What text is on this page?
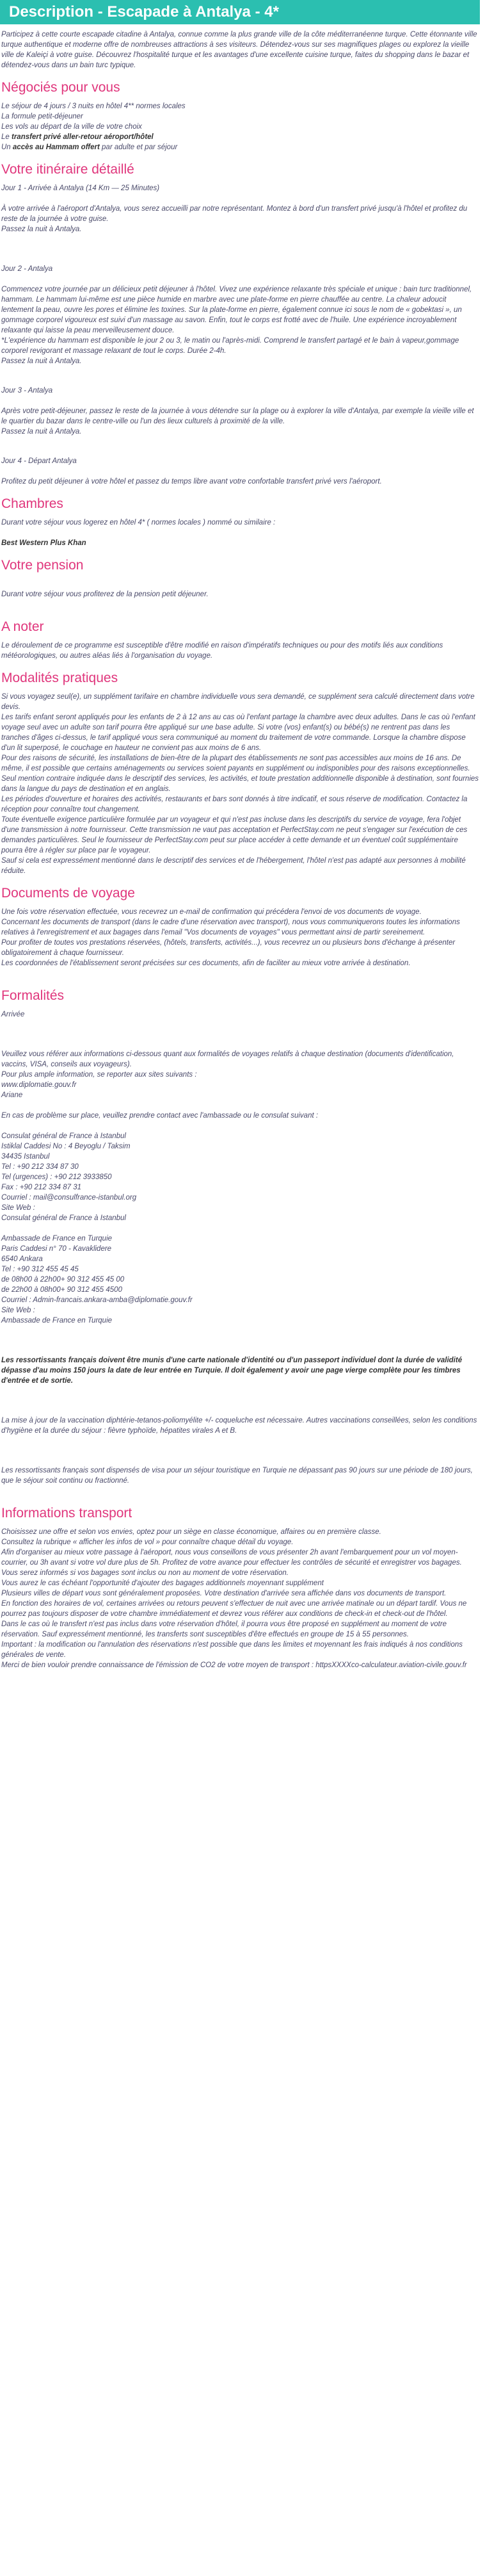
Description - Escapade à Antalya - 4*

Participez à cette courte escapade citadine à Antalya, connue comme la plus grande ville de la côte méditerranéenne turque. Cette étonnante ville turque authentique et moderne offre de nombreuses attractions à ses visiteurs. Détendez-vous sur ses magnifiques plages ou explorez la vieille ville de Kaleiçi à votre guise. Découvrez l'hospitalité turque et les avantages d'une excellente cuisine turque, faites du shopping dans le bazar et détendez-vous dans un bain turc typique.

Négociés pour vous

Le séjour de 4 jours / 3 nuits en hôtel 4** normes locales

La formule petit-déjeuner

Les vols au départ de la ville de votre choix

Le transfert privé aller-retour aéroport/hôtel

Un accès au Hammam offert par adulte et par séjour

Votre itinéraire détaillé

Jour 1 - Arrivée à Antalya (14 Km — 25 Minutes)

À votre arrivée à l'aéroport d'Antalya, vous serez accueilli par notre représentant. Montez à bord d'un transfert privé jusqu'à l'hôtel et profitez du reste de la journée à votre guise.

Passez la nuit à Antalya.

Jour 2 - Antalya

Commencez votre journée par un délicieux petit déjeuner à l'hôtel. Vivez une expérience relaxante très spéciale et unique : bain turc traditionnel, hammam. Le hammam lui-même est une pièce humide en marbre avec une plate-forme en pierre chauffée au centre. La chaleur adoucit lentement la peau, ouvre les pores et élimine les toxines. Sur la plate-forme en pierre, également connue ici sous le nom de « gobektasi », un gommage corporel vigoureux est suivi d'un massage au savon. Enfin, tout le corps est frotté avec de l'huile. Une expérience incroyablement relaxante qui laisse la peau merveilleusement douce.

*L'expérience du hammam est disponible le jour 2 ou 3, le matin ou l'après-midi. Comprend le transfert partagé et le bain à vapeur,gommage corporel revigorant et massage relaxant de tout le corps. Durée 2-4h.

Passez la nuit à Antalya.

Jour 3 - Antalya

Après votre petit-déjeuner, passez le reste de la journée à vous détendre sur la plage ou à explorer la ville d'Antalya, par exemple la vieille ville et le quartier du bazar dans le centre-ville ou l'un des lieux culturels à proximité de la ville.

Passez la nuit à Antalya.

Jour 4 - Départ Antalya

Profitez du petit déjeuner à votre hôtel et passez du temps libre avant votre confortable transfert privé vers l'aéroport.

Chambres

Durant votre séjour vous logerez en hôtel 4* ( normes locales ) nommé ou similaire :

Best Western Plus Khan

Votre pension

Durant votre séjour vous profiterez de la pension petit déjeuner.

A noter

Le déroulement de ce programme est susceptible d'être modifié en raison d'impératifs techniques ou pour des motifs liés aux conditions météorologiques, ou autres aléas liés à l'organisation du voyage.

Modalités pratiques

Si vous voyagez seul(e), un supplément tarifaire en chambre individuelle vous sera demandé, ce supplément sera calculé directement dans votre devis.

Les tarifs enfant seront appliqués pour les enfants de 2 à 12 ans au cas où l'enfant partage la chambre avec deux adultes. Dans le cas où l'enfant voyage seul avec un adulte son tarif pourra être appliqué sur une base adulte. Si votre (vos) enfant(s) ou bébé(s) ne rentrent pas dans les tranches d'âges ci-dessus, le tarif appliqué vous sera communiqué au moment du traitement de votre commande. Lorsque la chambre dispose d'un lit superposé, le couchage en hauteur ne convient pas aux moins de 6 ans.

Pour des raisons de sécurité, les installations de bien-être de la plupart des établissements ne sont pas accessibles aux moins de 16 ans. De même, il est possible que certains aménagements ou services soient payants en supplément ou indisponibles pour des raisons exceptionnelles.

Seul mention contraire indiquée dans le descriptif des services, les activités, et toute prestation additionnelle disponible à destination, sont fournies dans la langue du pays de destination et en anglais.

Les périodes d'ouverture et horaires des activités, restaurants et bars sont donnés à titre indicatif, et sous réserve de modification. Contactez la réception pour connaître tout changement.

Toute éventuelle exigence particulière formulée par un voyageur et qui n'est pas incluse dans les descriptifs du service de voyage, fera l'objet d'une transmission à notre fournisseur. Cette transmission ne vaut pas acceptation et PerfectStay.com ne peut s'engager sur l'exécution de ces demandes particulières. Seul le fournisseur de PerfectStay.com peut sur place accéder à cette demande et un éventuel coût supplémentaire pourra être à régler sur place par le voyageur.

Sauf si cela est expressément mentionné dans le descriptif des services et de l'hébergement, l'hôtel n'est pas adapté aux personnes à mobilité réduite.

Documents de voyage

Une fois votre réservation effectuée, vous recevrez un e-mail de confirmation qui précédera l'envoi de vos documents de voyage.

Concernant les documents de transport (dans le cadre d'une réservation avec transport), nous vous communiquerons toutes les informations relatives à l'enregistrement et aux bagages dans l'email "Vos documents de voyages" vous permettant ainsi de partir sereinement.

Pour profiter de toutes vos prestations réservées, (hôtels, transferts, activités...), vous recevrez un ou plusieurs bons d'échange à présenter obligatoirement à chaque fournisseur.

Les coordonnées de l'établissement seront précisées sur ces documents, afin de faciliter au mieux votre arrivée à destination.

Formalités

Arrivée

Veuillez vous référer aux informations ci-dessous quant aux formalités de voyages relatifs à chaque destination (documents d'identification, vaccins, VISA, conseils aux voyageurs).

Pour plus ample information, se reporter aux sites suivants :

www.diplomatie.gouv.fr

Ariane

En cas de problème sur place, veuillez prendre contact avec l'ambassade ou le consulat suivant :

Consulat général de France à Istanbul

Istiklal Caddesi No : 4 Beyoglu / Taksim

34435 Istanbul

Tel : +90 212 334 87 30

Tel (urgences) : +90 212 3933850

Fax : +90 212 334 87 31

Courriel : mail@consulfrance-istanbul.org

Site Web :

Consulat général de France à Istanbul

Ambassade de France en Turquie

Paris Caddesi n° 70 - Kavaklidere

6540 Ankara

Tel : +90 312 455 45 45

de 08h00 à 22h00+ 90 312 455 45 00

de 22h00 à 08h00+ 90 312 455 4500

Courriel : Admin-francais.ankara-amba@diplomatie.gouv.fr

Site Web :

Ambassade de France en Turquie

Les ressortissants français doivent être munis d'une carte nationale d'identité ou d'un passeport individuel dont la durée de validité dépasse d'au moins 150 jours la date de leur entrée en Turquie. Il doit également y avoir une page vierge complète pour les timbres d'entrée et de sortie.

La mise à jour de la vaccination diphtérie-tetanos-poliomyélite +/- coqueluche est nécessaire. Autres vaccinations conseillées, selon les conditions d'hygiène et la durée du séjour : fièvre typhoïde, hépatites virales A et B.

Les ressortissants français sont dispensés de visa pour un séjour touristique en Turquie ne dépassant pas 90 jours sur une période de 180 jours, que le séjour soit continu ou fractionné.

Informations transport

Choisissez une offre et selon vos envies, optez pour un siège en classe économique, affaires ou en première classe.

Consultez la rubrique « afficher les infos de vol » pour connaître chaque détail du voyage.

Afin d'organiser au mieux votre passage à l'aéroport, nous vous conseillons de vous présenter 2h avant l'embarquement pour un vol moyen-courrier, ou 3h avant si votre vol dure plus de 5h. Profitez de votre avance pour effectuer les contrôles de sécurité et enregistrer vos bagages.

Vous serez informés si vos bagages sont inclus ou non au moment de votre réservation.

Vous aurez le cas échéant l'opportunité d'ajouter des bagages additionnels moyennant supplément

Plusieurs villes de départ vous sont généralement proposées. Votre destination d'arrivée sera affichée dans vos documents de transport.

En fonction des horaires de vol, certaines arrivées ou retours peuvent s'effectuer de nuit avec une arrivée matinale ou un départ tardif. Vous ne pourrez pas toujours disposer de votre chambre immédiatement et devrez vous référer aux conditions de check-in et check-out de l'hôtel.

Dans le cas où le transfert n'est pas inclus dans votre réservation d'hôtel, il pourra vous être proposé en supplément au moment de votre réservation. Sauf expressément mentionné, les transferts sont susceptibles d'être effectués en groupe de 15 à 55 personnes.

Important : la modification ou l'annulation des réservations n'est possible que dans les limites et moyennant les frais indiqués à nos conditions générales de vente.

Merci de bien vouloir prendre connaissance de l'émission de CO2 de votre moyen de transport : httpsXXXXco-calculateur.aviation-civile.gouv.fr
